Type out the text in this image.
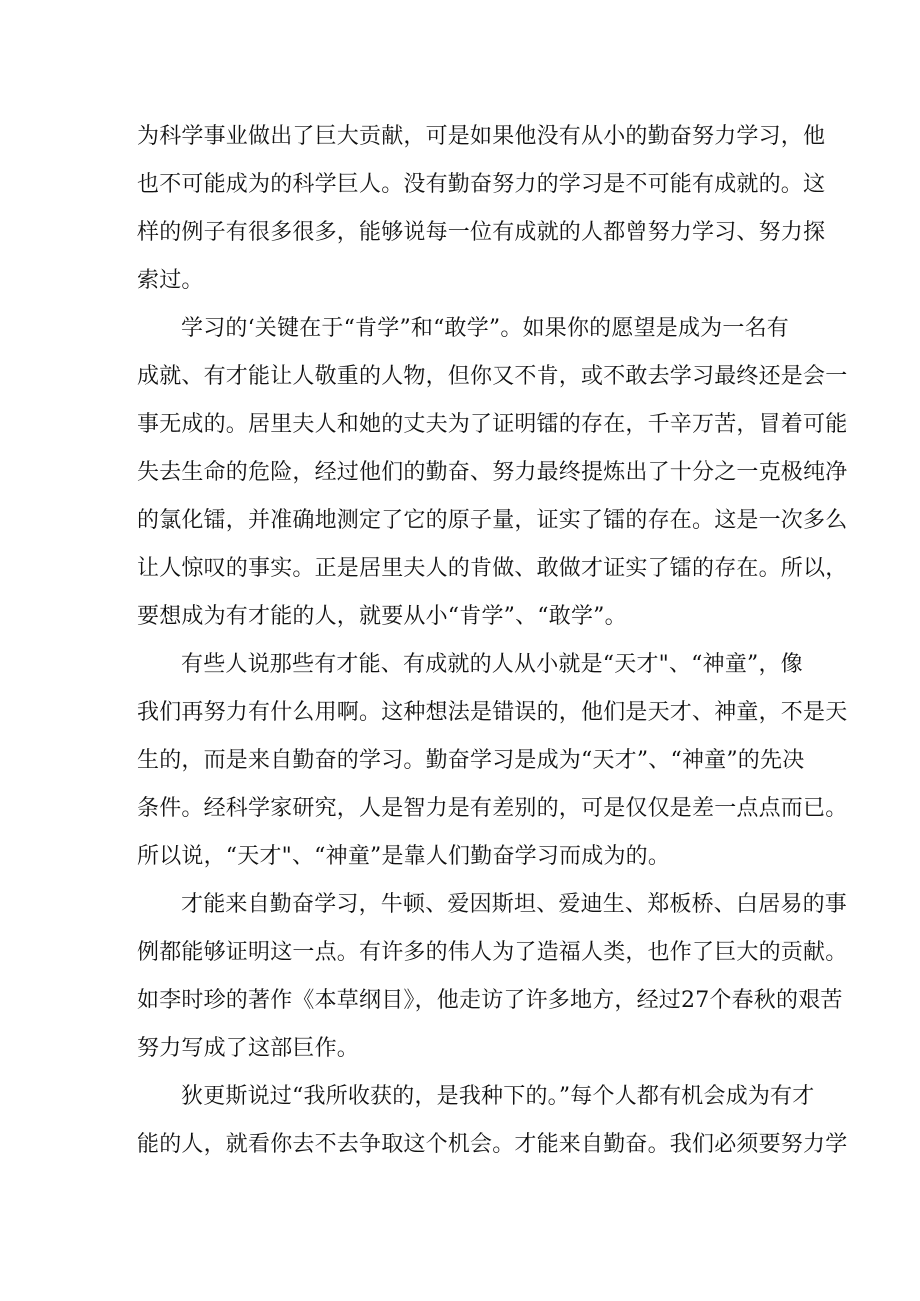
为科学事业做出了巨大贡献，可是如果他没有从小的勤奋努力学习，他
也不可能成为的科学巨人。没有勤奋努力的学习是不可能有成就的。这
样的例子有很多很多，能够说每一位有成就的人都曾努力学习、努力探
索过。
学习的‘关键在于“肯学”和“敢学”。如果你的愿望是成为一名有
成就、有才能让人敬重的人物，但你又不肯，或不敢去学习最终还是会一
事无成的。居里夫人和她的丈夫为了证明镭的存在，千辛万苦，冒着可能
失去生命的危险，经过他们的勤奋、努力最终提炼出了十分之一克极纯净
的氯化镭，并准确地测定了它的原子量，证实了镭的存在。这是一次多么
让人惊叹的事实。正是居里夫人的肯做、敢做才证实了镭的存在。所以，
要想成为有才能的人，就要从小“肯学”、“敢学”。
有些人说那些有才能、有成就的人从小就是“天才"、“神童”，像
我们再努力有什么用啊。这种想法是错误的，他们是天才、神童，不是天
生的，而是来自勤奋的学习。勤奋学习是成为“天才”、“神童”的先决
条件。经科学家研究，人是智力是有差别的，可是仅仅是差一点点而已。
所以说，“天才"、“神童”是靠人们勤奋学习而成为的。
才能来自勤奋学习，牛顿、爱因斯坦、爱迪生、郑板桥、白居易的事
例都能够证明这一点。有许多的伟人为了造福人类，也作了巨大的贡献。
如李时珍的著作《本草纲目》，他走访了许多地方，经过27个春秋的艰苦
努力写成了这部巨作。
狄更斯说过“我所收获的，是我种下的。”每个人都有机会成为有才
能的人，就看你去不去争取这个机会。才能来自勤奋。我们必须要努力学
